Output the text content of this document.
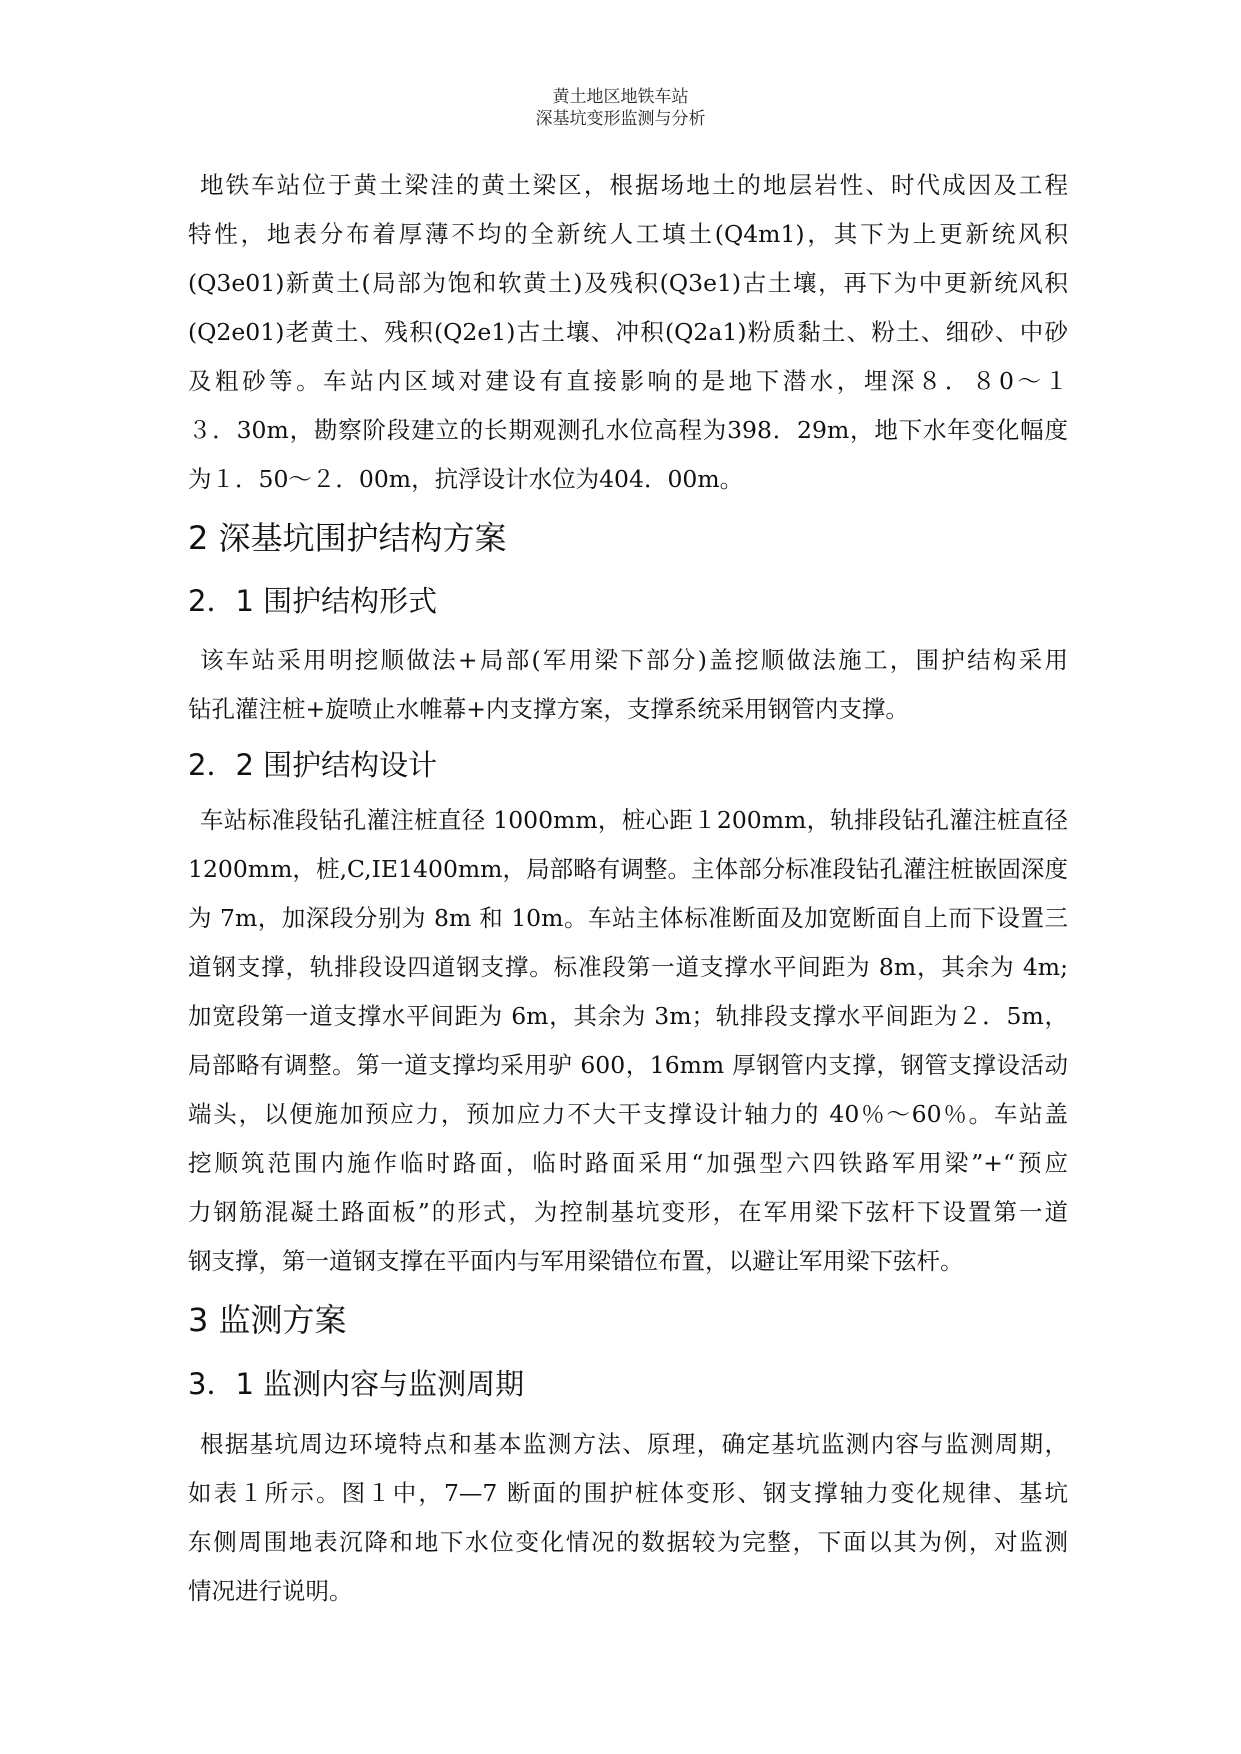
黄土地区地铁车站
深基坑变形监测与分析
地铁车站位于黄土梁洼的黄土梁区，根据场地土的地层岩性、时代成因及工程
特性，地表分布着厚薄不均的全新统人工填土(Q4m1)，其下为上更新统风积
(Q3e01)新黄土(局部为饱和软黄土)及残积(Q3e1)古土壤，再下为中更新统风积
(Q2e01)老黄土、残积(Q2e1)古土壤、冲积(Q2a1)粉质黏土、粉土、细砂、中砂
及粗砂等。车站内区域对建设有直接影响的是地下潜水，埋深８．８0～１
３．30m，勘察阶段建立的长期观测孔水位高程为398．29m，地下水年变化幅度
为１．50～２．00m，抗浮设计水位为404．00m。
2 深基坑围护结构方案
2．1 围护结构形式
该车站采用明挖顺做法+局部(军用梁下部分)盖挖顺做法施工，围护结构采用
钻孔灌注桩+旋喷止水帷幕+内支撑方案，支撑系统采用钢管内支撑。
2．2 围护结构设计
车站标准段钻孔灌注桩直径 1000mm，桩心距１200mm，轨排段钻孔灌注桩直径
1200mm，桩,C,IE1400mm，局部略有调整。主体部分标准段钻孔灌注桩嵌固深度
为 7m，加深段分别为 8m 和 10m。车站主体标准断面及加宽断面自上而下设置三
道钢支撑，轨排段设四道钢支撑。标准段第一道支撑水平间距为 8m，其余为 4m;
加宽段第一道支撑水平间距为 6m，其余为 3m；轨排段支撑水平间距为２．5m，
局部略有调整。第一道支撑均采用驴 600，16mm 厚钢管内支撑，钢管支撑设活动
端头，以便施加预应力，预加应力不大干支撑设计轴力的 40％～60％。车站盖
挖顺筑范围内施作临时路面，临时路面采用“加强型六四铁路军用梁”+“预应
力钢筋混凝土路面板”的形式，为控制基坑变形，在军用梁下弦杆下设置第一道
钢支撑，第一道钢支撑在平面内与军用梁错位布置，以避让军用梁下弦杆。
3 监测方案
3．1 监测内容与监测周期
根据基坑周边环境特点和基本监测方法、原理，确定基坑监测内容与监测周期，
如表１所示。图１中，7—7 断面的围护桩体变形、钢支撑轴力变化规律、基坑
东侧周围地表沉降和地下水位变化情况的数据较为完整，下面以其为例，对监测
情况进行说明。
